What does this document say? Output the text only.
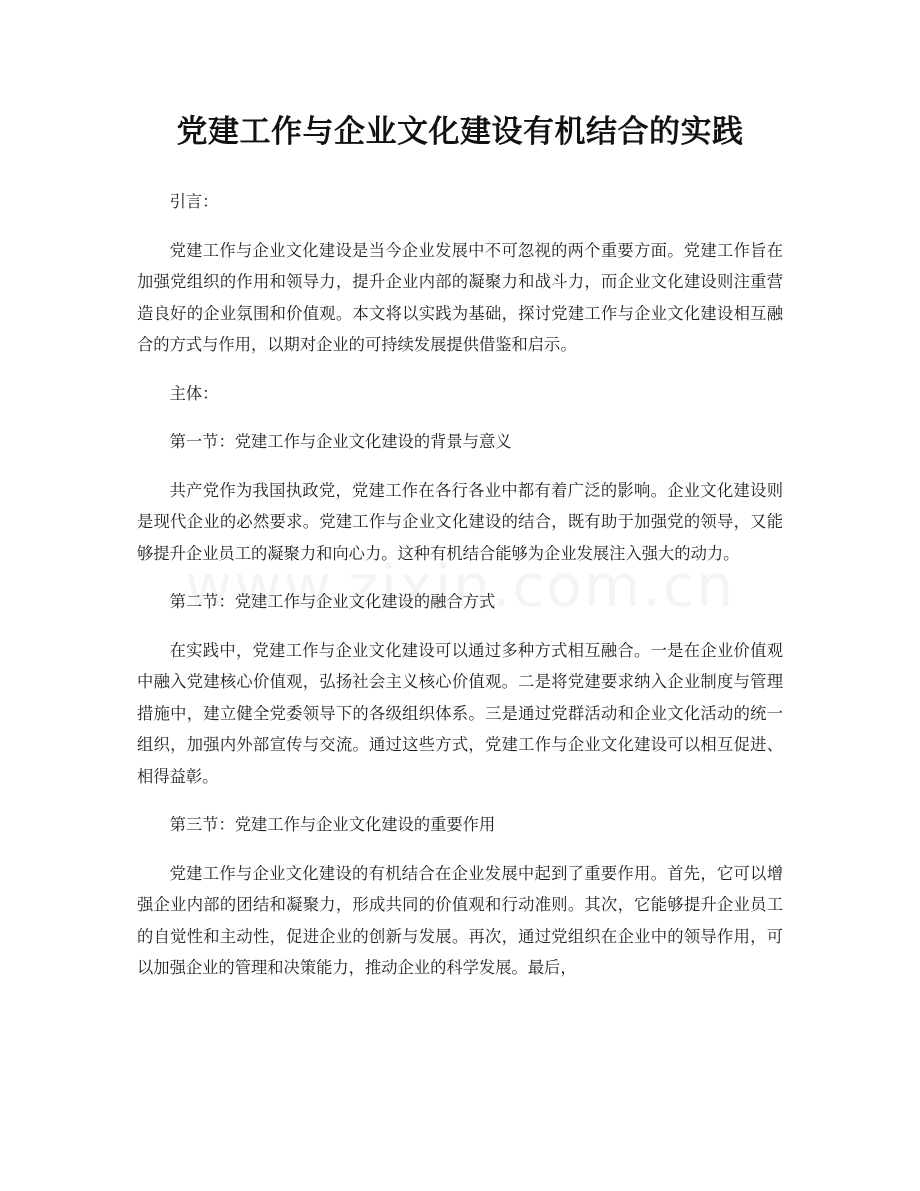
党建工作与企业文化建设有机结合的实践

引言：

党建工作与企业文化建设是当今企业发展中不可忽视的两个重要方面。党建工作旨在加强党组织的作用和领导力，提升企业内部的凝聚力和战斗力，而企业文化建设则注重营造良好的企业氛围和价值观。本文将以实践为基础，探讨党建工作与企业文化建设相互融合的方式与作用，以期对企业的可持续发展提供借鉴和启示。

主体：

第一节：党建工作与企业文化建设的背景与意义

共产党作为我国执政党，党建工作在各行各业中都有着广泛的影响。企业文化建设则是现代企业的必然要求。党建工作与企业文化建设的结合，既有助于加强党的领导，又能够提升企业员工的凝聚力和向心力。这种有机结合能够为企业发展注入强大的动力。

第二节：党建工作与企业文化建设的融合方式

在实践中，党建工作与企业文化建设可以通过多种方式相互融合。一是在企业价值观中融入党建核心价值观，弘扬社会主义核心价值观。二是将党建要求纳入企业制度与管理措施中，建立健全党委领导下的各级组织体系。三是通过党群活动和企业文化活动的统一组织，加强内外部宣传与交流。通过这些方式，党建工作与企业文化建设可以相互促进、相得益彰。

第三节：党建工作与企业文化建设的重要作用

党建工作与企业文化建设的有机结合在企业发展中起到了重要作用。首先，它可以增强企业内部的团结和凝聚力，形成共同的价值观和行动准则。其次，它能够提升企业员工的自觉性和主动性，促进企业的创新与发展。再次，通过党组织在企业中的领导作用，可以加强企业的管理和决策能力，推动企业的科学发展。最后，
